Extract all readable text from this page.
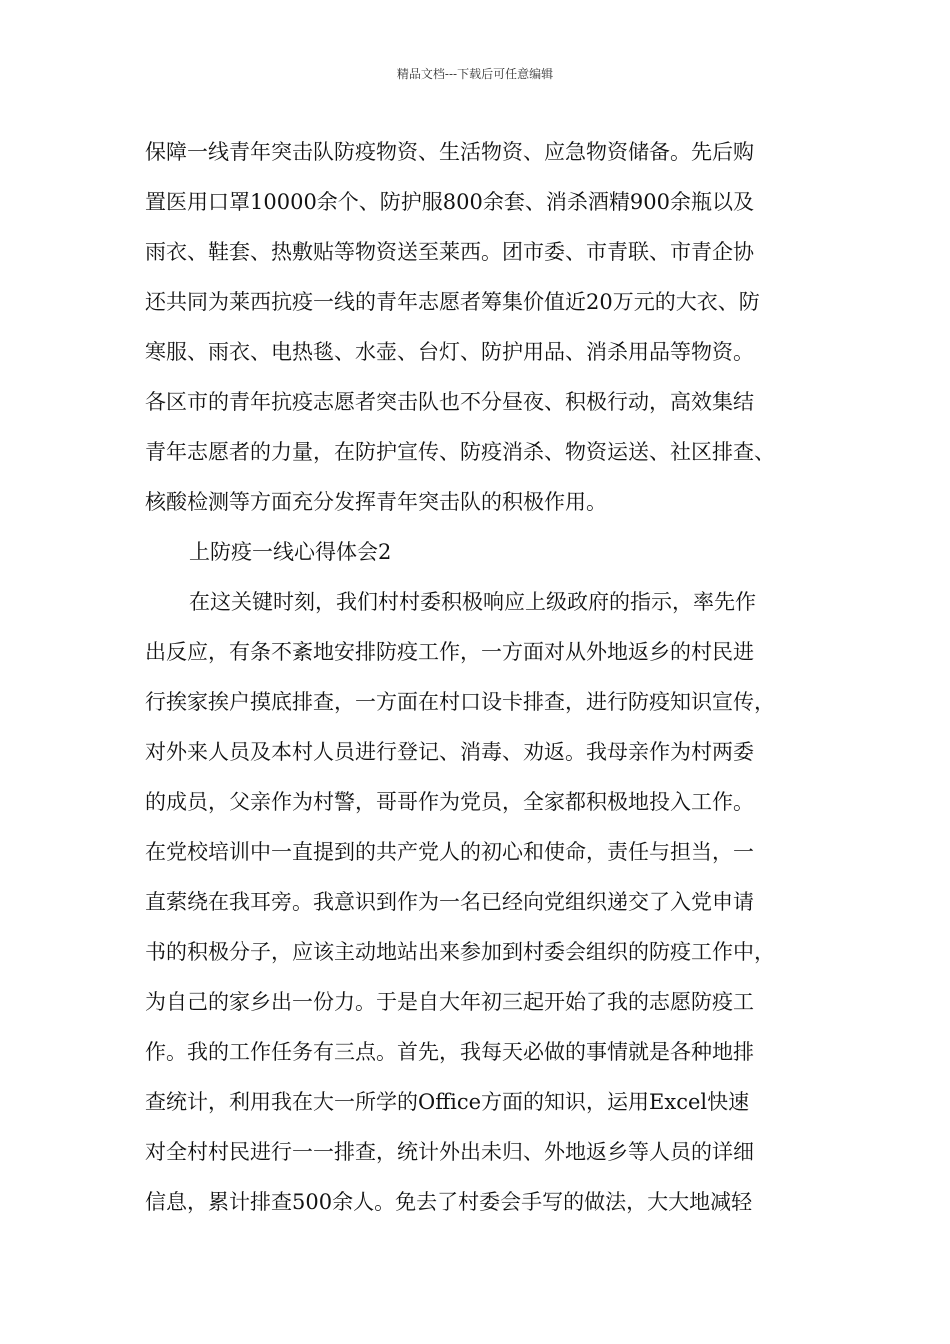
精品文档---下载后可任意编辑
保障一线青年突击队防疫物资、生活物资、应急物资储备。先后购
置医用口罩10000余个、防护服800余套、消杀酒精900余瓶以及
雨衣、鞋套、热敷贴等物资送至莱西。团市委、市青联、市青企协
还共同为莱西抗疫一线的青年志愿者筹集价值近20万元的大衣、防
寒服、雨衣、电热毯、水壶、台灯、防护用品、消杀用品等物资。
各区市的青年抗疫志愿者突击队也不分昼夜、积极行动，高效集结
青年志愿者的力量，在防护宣传、防疫消杀、物资运送、社区排查、
核酸检测等方面充分发挥青年突击队的积极作用。
上防疫一线心得体会2
在这关键时刻，我们村村委积极响应上级政府的指示，率先作
出反应，有条不紊地安排防疫工作，一方面对从外地返乡的村民进
行挨家挨户摸底排查，一方面在村口设卡排查，进行防疫知识宣传，
对外来人员及本村人员进行登记、消毒、劝返。我母亲作为村两委
的成员，父亲作为村警，哥哥作为党员，全家都积极地投入工作。
在党校培训中一直提到的共产党人的初心和使命，责任与担当，一
直萦绕在我耳旁。我意识到作为一名已经向党组织递交了入党申请
书的积极分子，应该主动地站出来参加到村委会组织的防疫工作中，
为自己的家乡出一份力。于是自大年初三起开始了我的志愿防疫工
作。我的工作任务有三点。首先，我每天必做的事情就是各种地排
查统计，利用我在大一所学的Office方面的知识，运用Excel快速
对全村村民进行一一排查，统计外出未归、外地返乡等人员的详细
信息，累计排查500余人。免去了村委会手写的做法，大大地减轻
